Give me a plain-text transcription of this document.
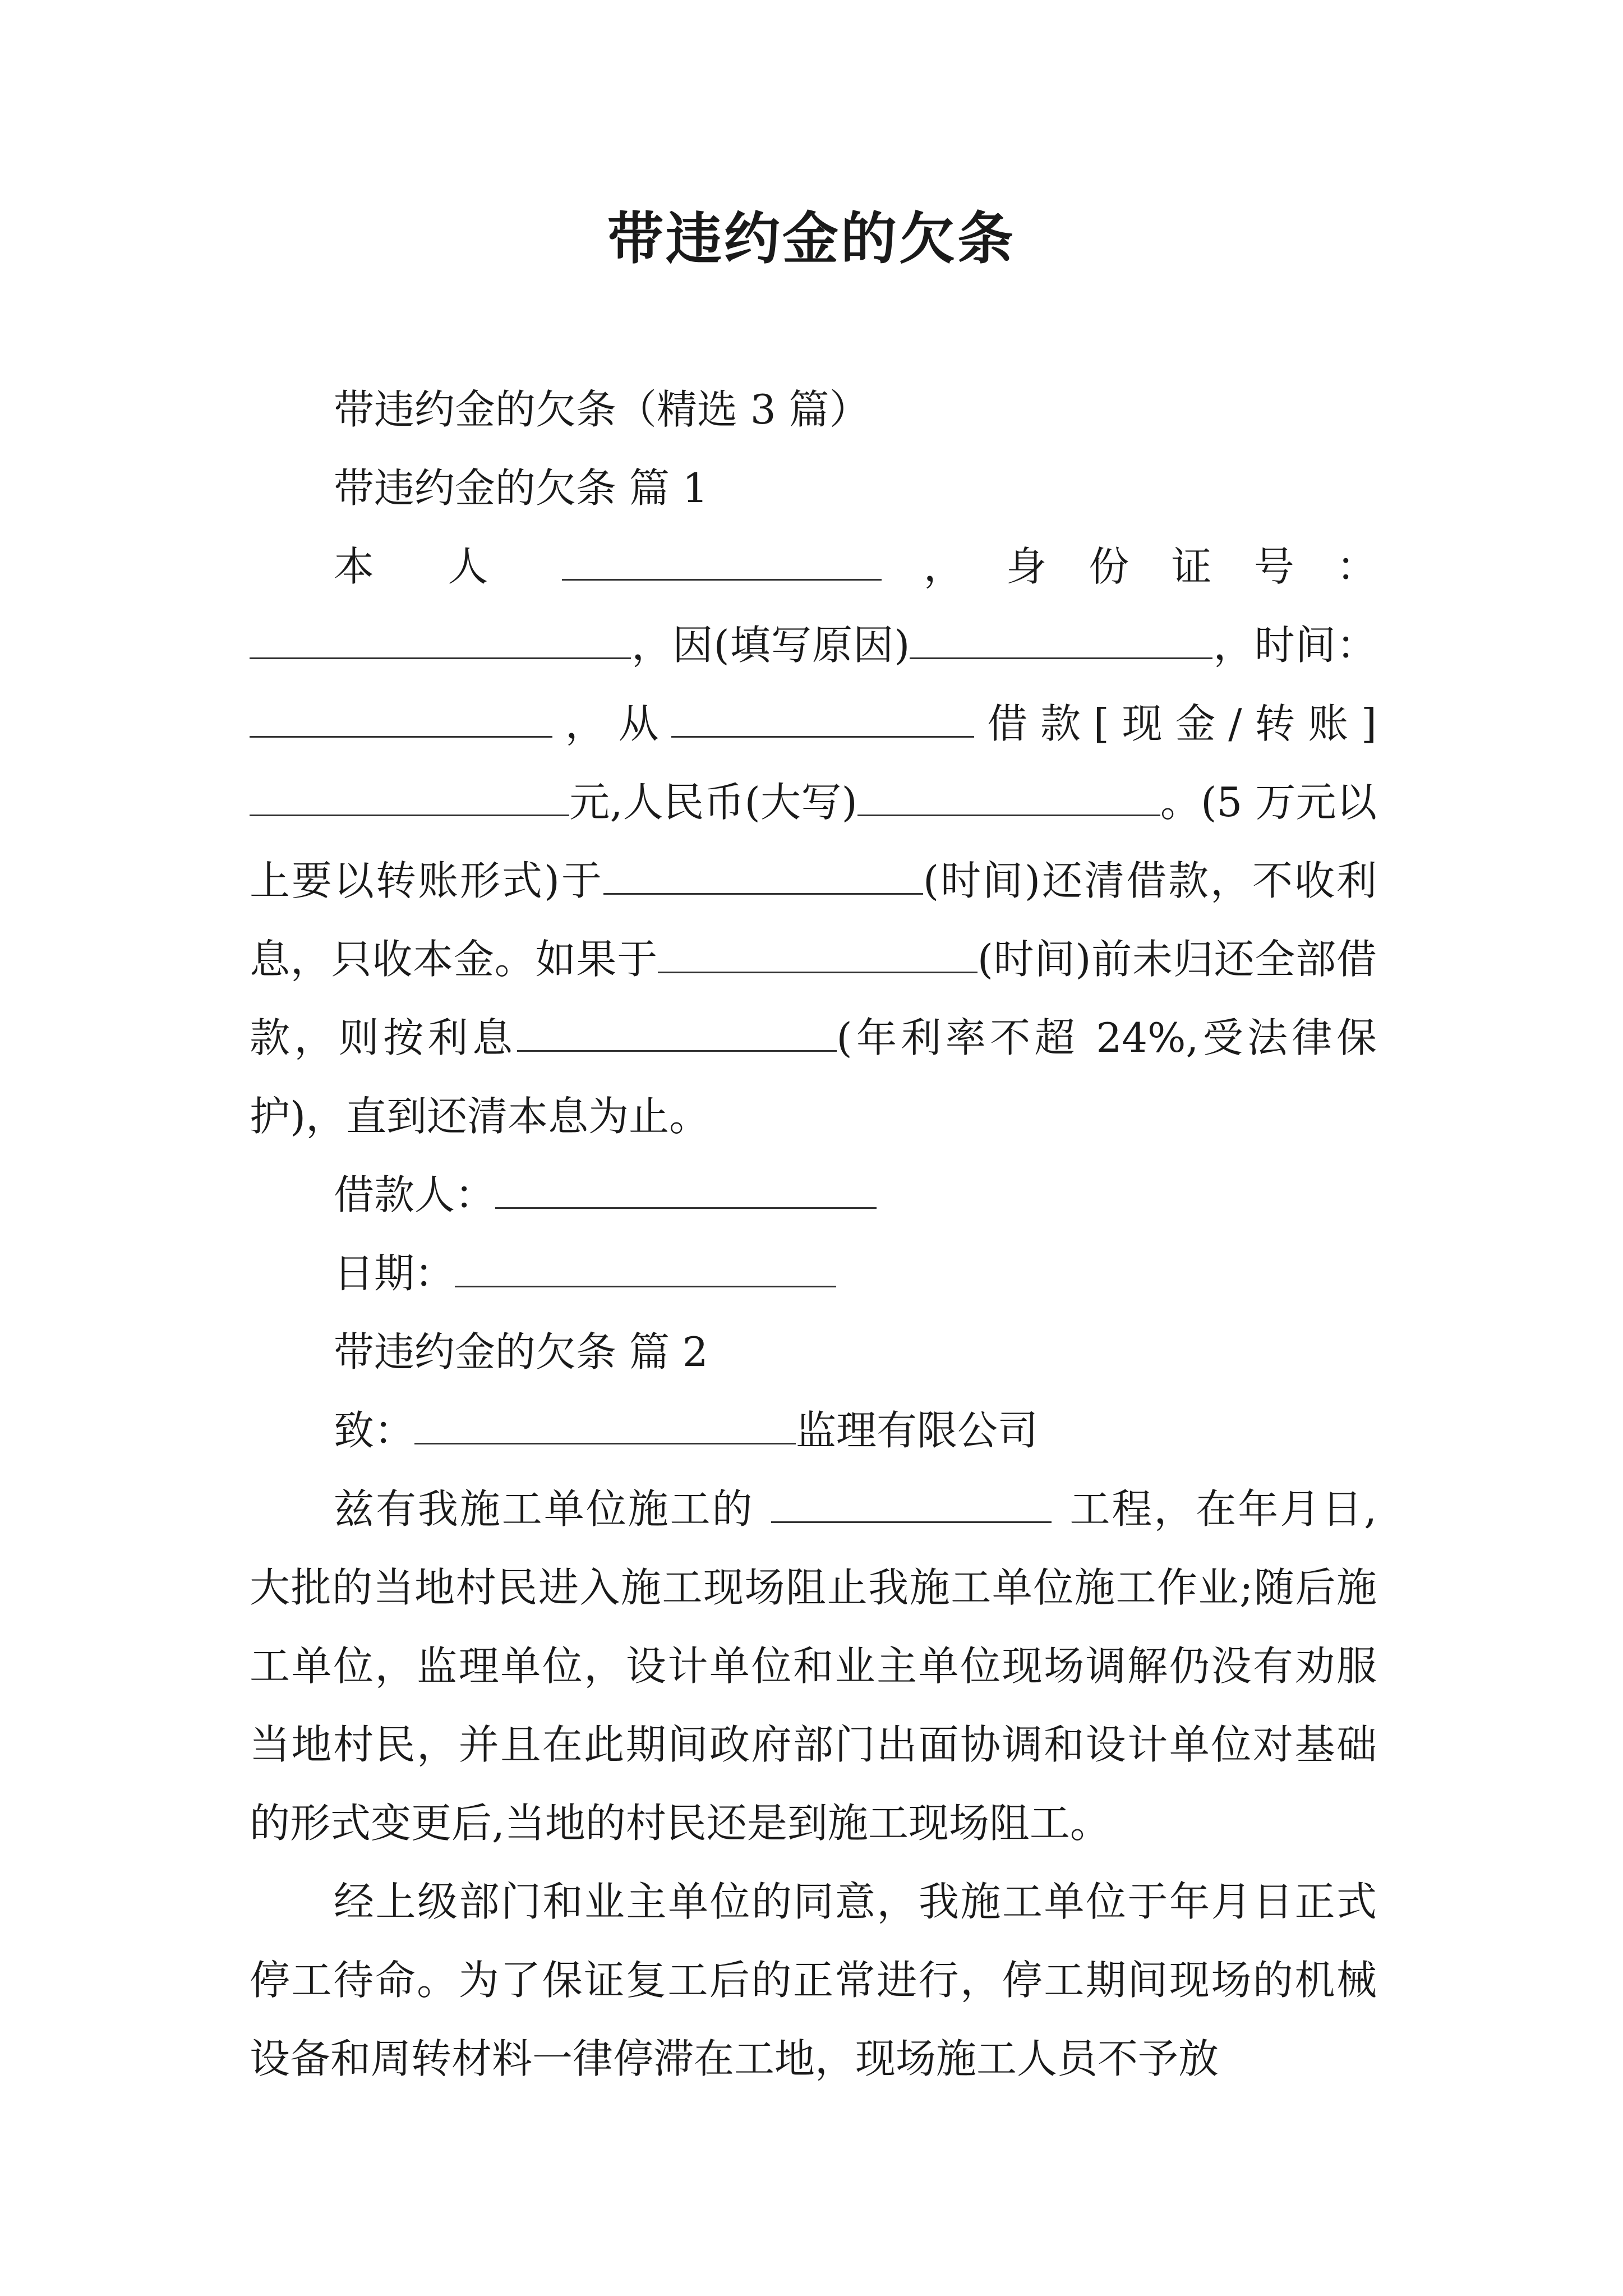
带违约金的欠条

带违约金的欠条（精选 3 篇）

带违约金的欠条 篇 1

本人	，身份证号：，因(填写原因)	，时间：，从	借款[现金/转账]元,人民币(大写)	。(5 万元以上要以转账形式)于	(时间)还清借款，不收利息，只收本金。如果于	(时间)前未归还全部借款，则按利息	(年利率不超 24%,受法律保护)，直到还清本息为止。

借款人：

日期：

带违约金的欠条 篇 2

致：	监理有限公司

兹有我施工单位施工的	工程，在年月日,大批的当地村民进入施工现场阻止我施工单位施工作业;随后施工单位，监理单位，设计单位和业主单位现场调解仍没有劝服当地村民，并且在此期间政府部门出面协调和设计单位对基础的形式变更后,当地的村民还是到施工现场阻工。

经上级部门和业主单位的同意，我施工单位于年月日正式停工待命。为了保证复工后的正常进行，停工期间现场的机械设备和周转材料一律停滞在工地，现场施工人员不予放
